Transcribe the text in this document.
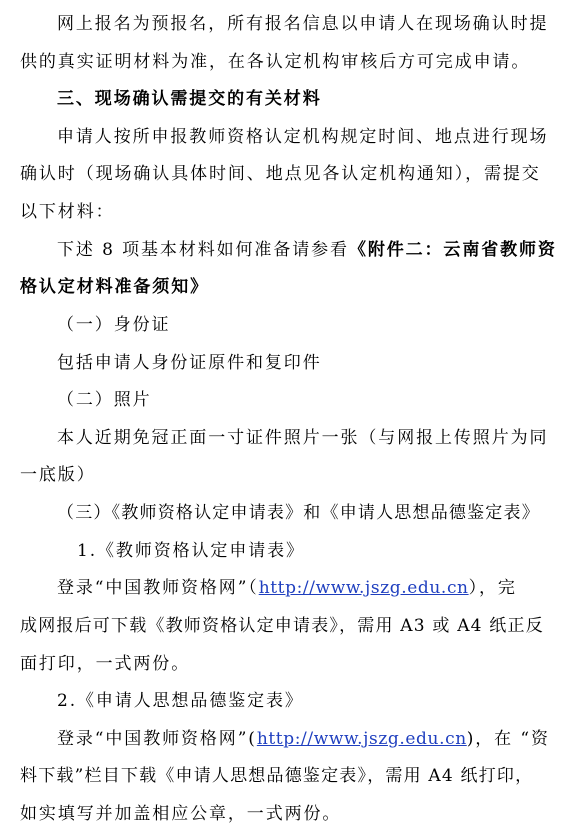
网上报名为预报名，所有报名信息以申请人在现场确认时提
供的真实证明材料为准，在各认定机构审核后方可完成申请。
三、现场确认需提交的有关材料
申请人按所申报教师资格认定机构规定时间、地点进行现场
确认时（现场确认具体时间、地点见各认定机构通知），需提交
以下材料：
下述 8 项基本材料如何准备请参看《附件二：云南省教师资
格认定材料准备须知》
（一）身份证
包括申请人身份证原件和复印件
（二）照片
本人近期免冠正面一寸证件照片一张（与网报上传照片为同
一底版）
（三）《教师资格认定申请表》和《申请人思想品德鉴定表》
1.《教师资格认定申请表》
登录“中国教师资格网”（http://www.jszg.edu.cn），完
成网报后可下载《教师资格认定申请表》，需用 A3 或 A4 纸正反
面打印，一式两份。
2.《申请人思想品德鉴定表》
登录“中国教师资格网”(http://www.jszg.edu.cn)，在 “资
料下载”栏目下载《申请人思想品德鉴定表》，需用 A4 纸打印，
如实填写并加盖相应公章，一式两份。
